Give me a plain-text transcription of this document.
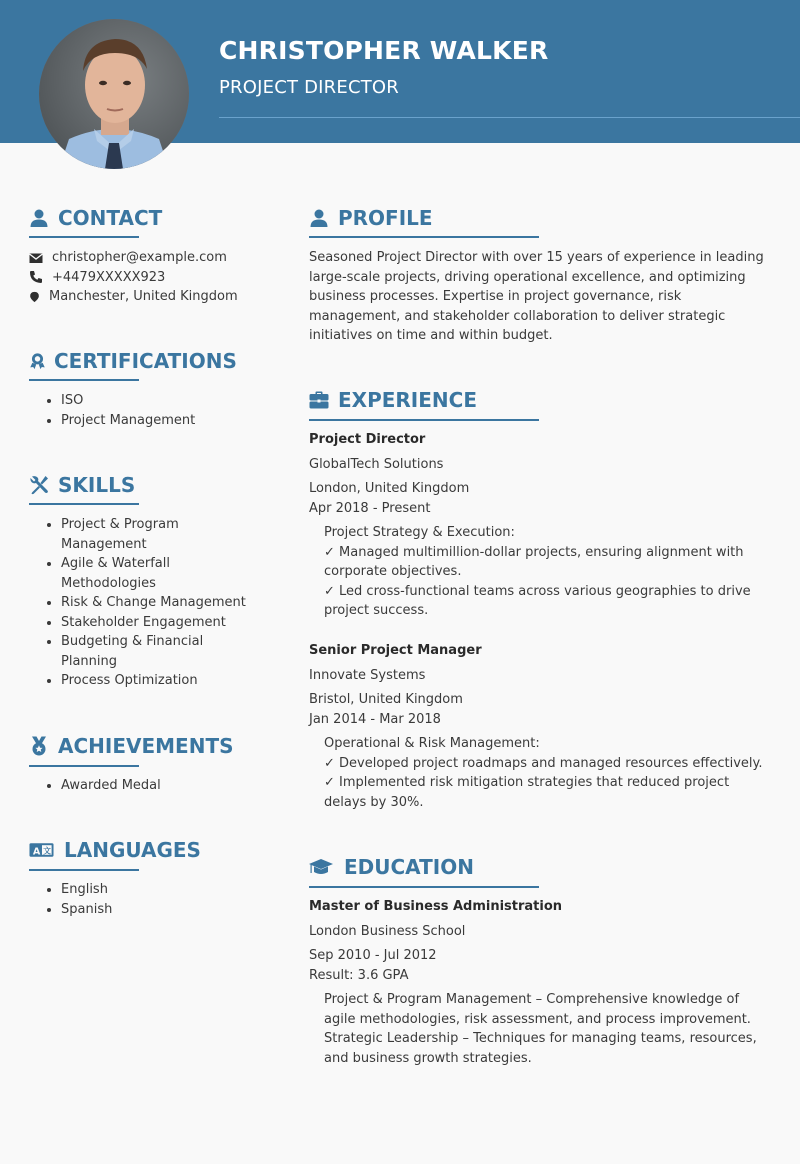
CHRISTOPHER WALKER
PROJECT DIRECTOR
CONTACT
christopher@example.com
+4479XXXXX923
Manchester, United Kingdom
CERTIFICATIONS
ISO
Project Management
SKILLS
Project & Program Management
Agile & Waterfall Methodologies
Risk & Change Management
Stakeholder Engagement
Budgeting & Financial Planning
Process Optimization
ACHIEVEMENTS
Awarded Medal
A 文 LANGUAGES
English
Spanish
PROFILE
Seasoned Project Director with over 15 years of experience in leading large-scale projects, driving operational excellence, and optimizing business processes. Expertise in project governance, risk management, and stakeholder collaboration to deliver strategic initiatives on time and within budget.
EXPERIENCE
Project Director
GlobalTech Solutions
London, United Kingdom
Apr 2018 - Present
Project Strategy & Execution:
✓ Managed multimillion-dollar projects, ensuring alignment with corporate objectives.
✓ Led cross-functional teams across various geographies to drive project success.
Senior Project Manager
Innovate Systems
Bristol, United Kingdom
Jan 2014 - Mar 2018
Operational & Risk Management:
✓ Developed project roadmaps and managed resources effectively.
✓ Implemented risk mitigation strategies that reduced project delays by 30%.
EDUCATION
Master of Business Administration
London Business School
Sep 2010 - Jul 2012
Result: 3.6 GPA
Project & Program Management – Comprehensive knowledge of agile methodologies, risk assessment, and process improvement.
Strategic Leadership – Techniques for managing teams, resources, and business growth strategies.
